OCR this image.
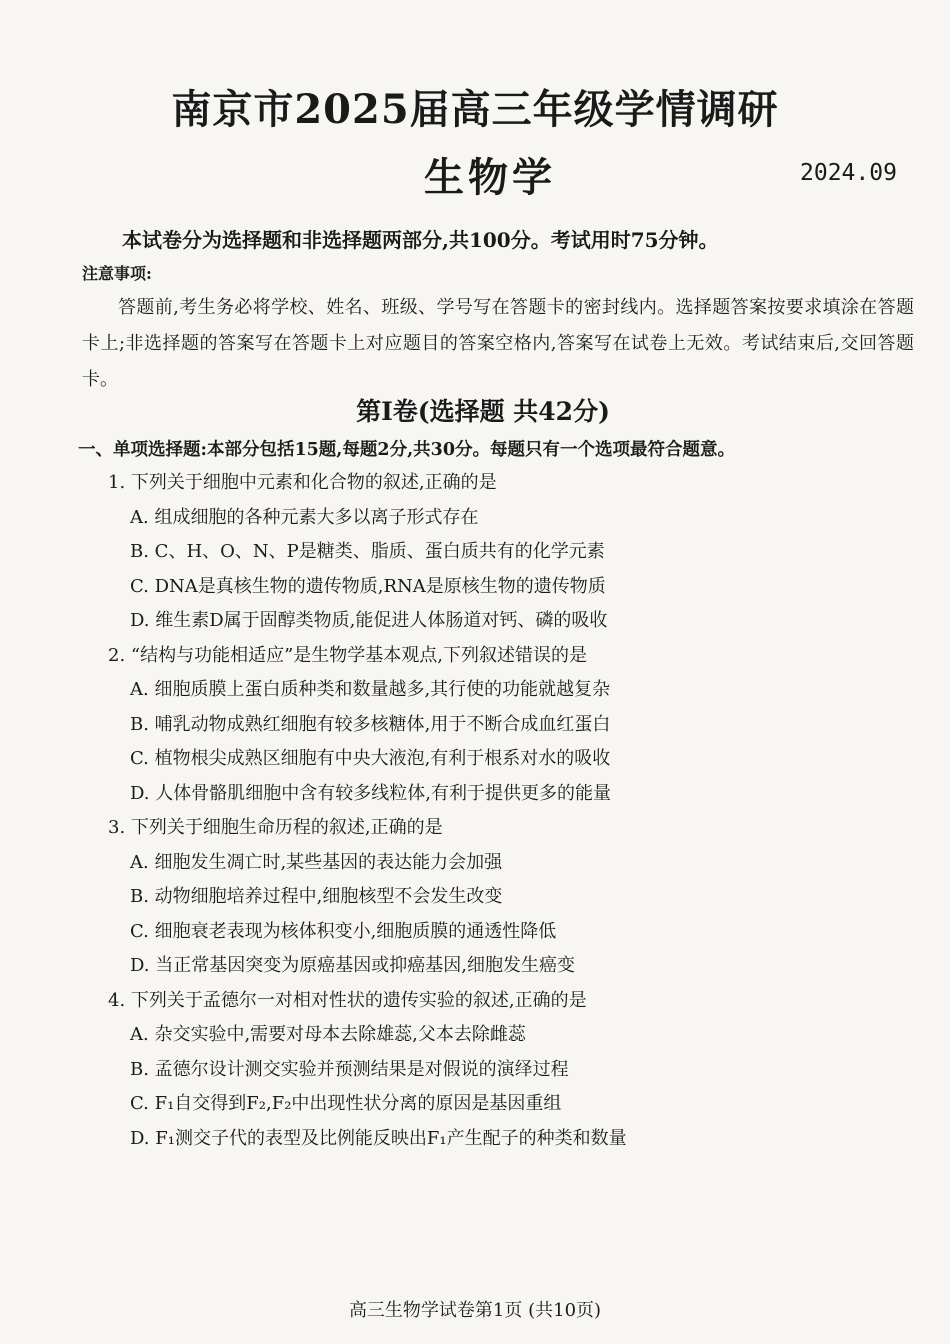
南京市2025届高三年级学情调研
生物学	2024.09
本试卷分为选择题和非选择题两部分,共100分。考试用时75分钟。
注意事项:
答题前,考生务必将学校、姓名、班级、学号写在答题卡的密封线内。选择题答案按要求填涂在答题卡上;非选择题的答案写在答题卡上对应题目的答案空格内,答案写在试卷上无效。考试结束后,交回答题卡。
第Ⅰ卷(选择题 共42分)
一、单项选择题:本部分包括15题,每题2分,共30分。每题只有一个选项最符合题意。
1. 下列关于细胞中元素和化合物的叙述,正确的是
A. 组成细胞的各种元素大多以离子形式存在
B. C、H、O、N、P是糖类、脂质、蛋白质共有的化学元素
C. DNA是真核生物的遗传物质,RNA是原核生物的遗传物质
D. 维生素D属于固醇类物质,能促进人体肠道对钙、磷的吸收
2. “结构与功能相适应”是生物学基本观点,下列叙述错误的是
A. 细胞质膜上蛋白质种类和数量越多,其行使的功能就越复杂
B. 哺乳动物成熟红细胞有较多核糖体,用于不断合成血红蛋白
C. 植物根尖成熟区细胞有中央大液泡,有利于根系对水的吸收
D. 人体骨骼肌细胞中含有较多线粒体,有利于提供更多的能量
3. 下列关于细胞生命历程的叙述,正确的是
A. 细胞发生凋亡时,某些基因的表达能力会加强
B. 动物细胞培养过程中,细胞核型不会发生改变
C. 细胞衰老表现为核体积变小,细胞质膜的通透性降低
D. 当正常基因突变为原癌基因或抑癌基因,细胞发生癌变
4. 下列关于孟德尔一对相对性状的遗传实验的叙述,正确的是
A. 杂交实验中,需要对母本去除雄蕊,父本去除雌蕊
B. 孟德尔设计测交实验并预测结果是对假说的演绎过程
C. F₁自交得到F₂,F₂中出现性状分离的原因是基因重组
D. F₁测交子代的表型及比例能反映出F₁产生配子的种类和数量
高三生物学试卷第1页 (共10页)
